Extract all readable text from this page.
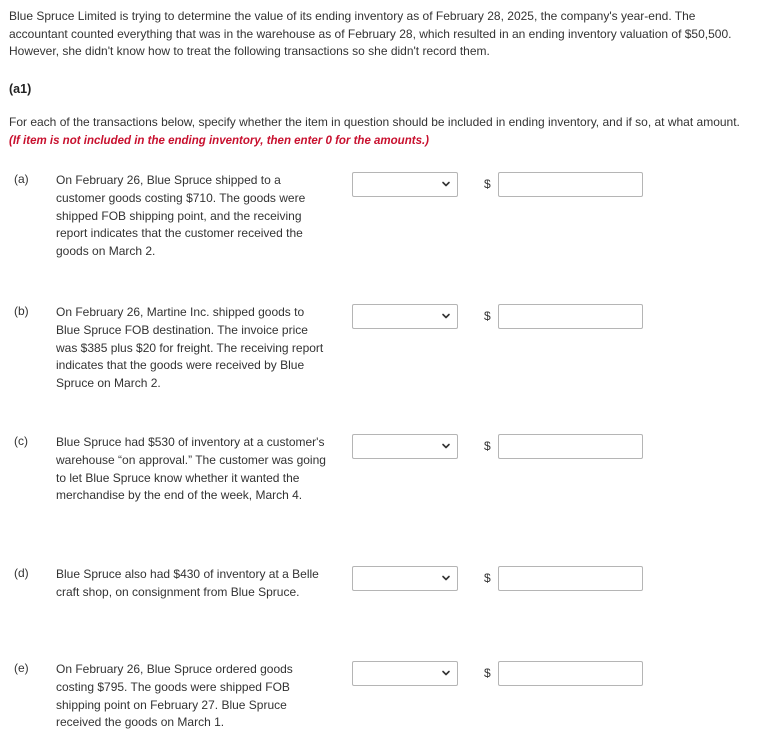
Blue Spruce Limited is trying to determine the value of its ending inventory as of February 28, 2025, the company's year-end. The accountant counted everything that was in the warehouse as of February 28, which resulted in an ending inventory valuation of $50,500. However, she didn't know how to treat the following transactions so she didn't record them.

(a1)

For each of the transactions below, specify whether the item in question should be included in ending inventory, and if so, at what amount. (If item is not included in the ending inventory, then enter 0 for the amounts.)

(a) On February 26, Blue Spruce shipped to a customer goods costing $710. The goods were shipped FOB shipping point, and the receiving report indicates that the customer received the goods on March 2.
$
(b) On February 26, Martine Inc. shipped goods to Blue Spruce FOB destination. The invoice price was $385 plus $20 for freight. The receiving report indicates that the goods were received by Blue Spruce on March 2.
$
(c) Blue Spruce had $530 of inventory at a customer's warehouse “on approval.” The customer was going to let Blue Spruce know whether it wanted the merchandise by the end of the week, March 4.
$
(d) Blue Spruce also had $430 of inventory at a Belle craft shop, on consignment from Blue Spruce.
$
(e) On February 26, Blue Spruce ordered goods costing $795. The goods were shipped FOB shipping point on February 27. Blue Spruce received the goods on March 1.
$
